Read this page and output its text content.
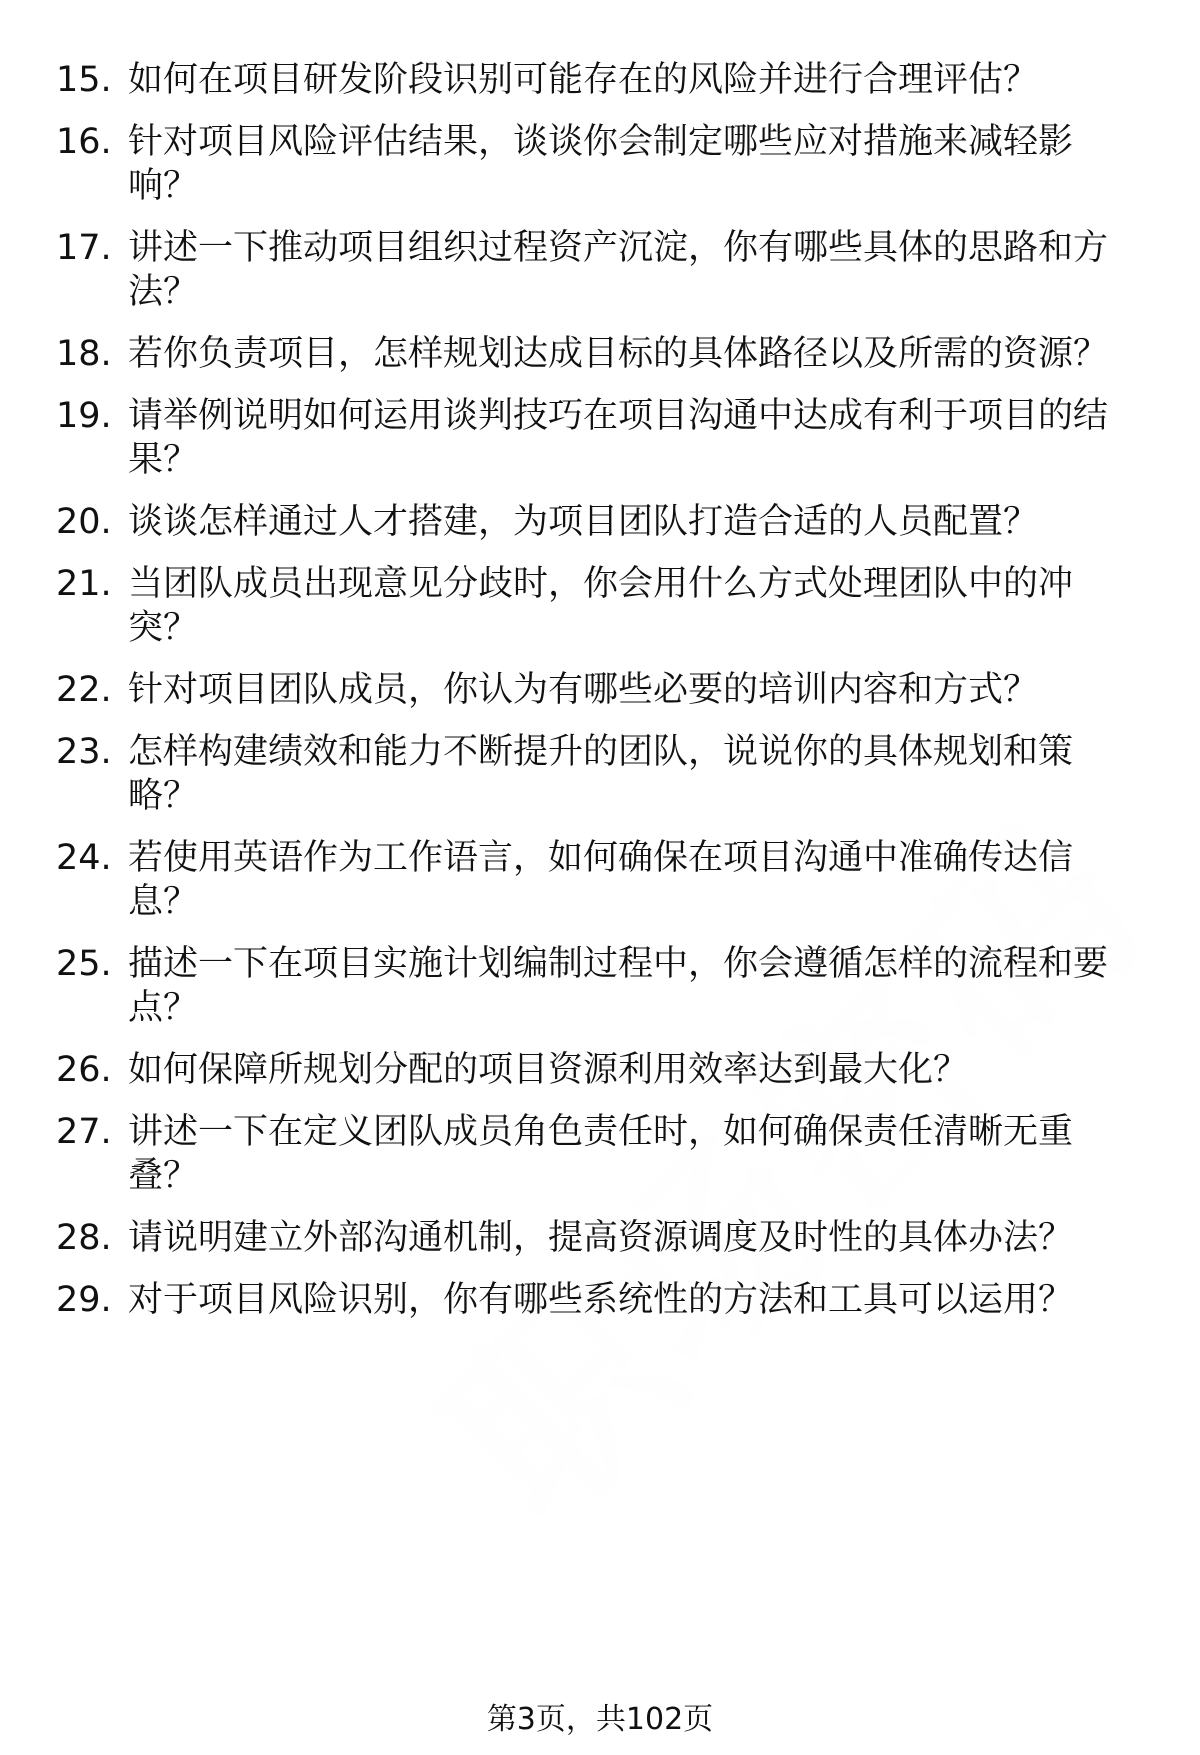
15. 如何在项目研发阶段识别可能存在的风险并进行合理评估？
16. 针对项目风险评估结果，谈谈你会制定哪些应对措施来减轻影响？
17. 讲述一下推动项目组织过程资产沉淀，你有哪些具体的思路和方法？
18. 若你负责项目，怎样规划达成目标的具体路径以及所需的资源？
19. 请举例说明如何运用谈判技巧在项目沟通中达成有利于项目的结果？
20. 谈谈怎样通过人才搭建，为项目团队打造合适的人员配置？
21. 当团队成员出现意见分歧时，你会用什么方式处理团队中的冲突？
22. 针对项目团队成员，你认为有哪些必要的培训内容和方式？
23. 怎样构建绩效和能力不断提升的团队，说说你的具体规划和策略？
24. 若使用英语作为工作语言，如何确保在项目沟通中准确传达信息？
25. 描述一下在项目实施计划编制过程中，你会遵循怎样的流程和要点？
26. 如何保障所规划分配的项目资源利用效率达到最大化？
27. 讲述一下在定义团队成员角色责任时，如何确保责任清晰无重叠？
28. 请说明建立外部沟通机制，提高资源调度及时性的具体办法？
29. 对于项目风险识别，你有哪些系统性的方法和工具可以运用？
第3页，共102页
